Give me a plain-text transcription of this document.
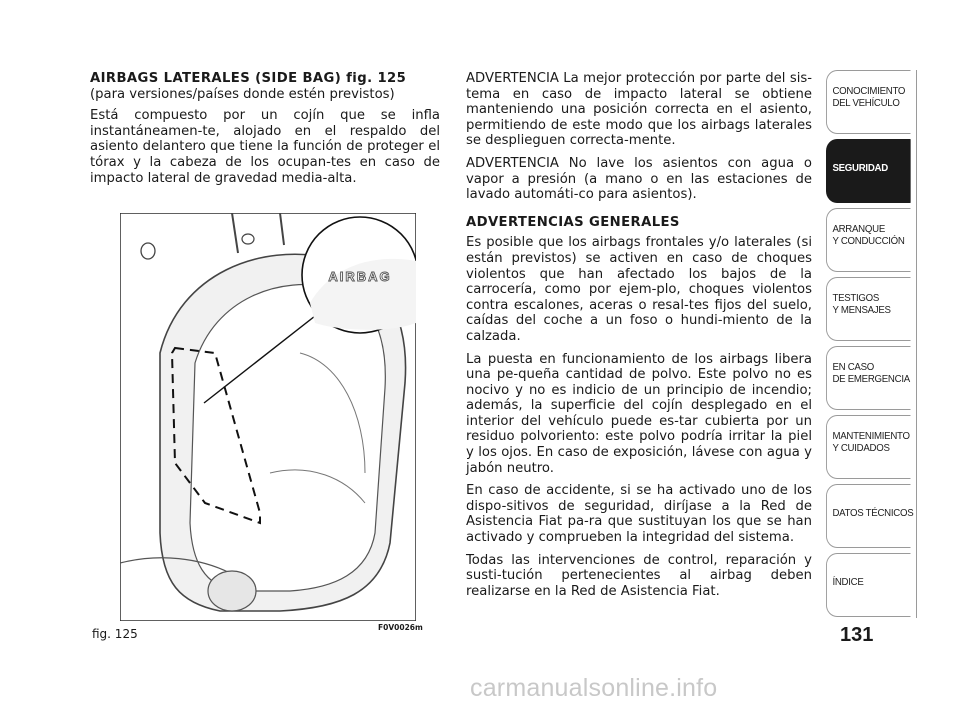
AIRBAGS LATERALES (SIDE BAG) fig. 125

(para versiones/países donde estén previstos)

Está compuesto por un cojín que se infla instantáneamen-te, alojado en el respaldo del asiento delantero que tiene la función de proteger el tórax y la cabeza de los ocupan-tes en caso de impacto lateral de gravedad media-alta.

AIRBAG
fig. 125	F0V0026m

ADVERTENCIA La mejor protección por parte del sis-tema en caso de impacto lateral se obtiene manteniendo una posición correcta en el asiento, permitiendo de este modo que los airbags laterales se desplieguen correcta-mente.

ADVERTENCIA No lave los asientos con agua o vapor a presión (a mano o en las estaciones de lavado automáti-co para asientos).

ADVERTENCIAS GENERALES

Es posible que los airbags frontales y/o laterales (si están previstos) se activen en caso de choques violentos que han afectado los bajos de la carrocería, como por ejem-plo, choques violentos contra escalones, aceras o resal-tes fijos del suelo, caídas del coche a un foso o hundi-miento de la calzada.

La puesta en funcionamiento de los airbags libera una pe-queña cantidad de polvo. Este polvo no es nocivo y no es indicio de un principio de incendio; además, la superficie del cojín desplegado en el interior del vehículo puede es-tar cubierta por un residuo polvoriento: este polvo podría irritar la piel y los ojos. En caso de exposición, lávese con agua y jabón neutro.

En caso de accidente, si se ha activado uno de los dispo-sitivos de seguridad, diríjase a la Red de Asistencia Fiat pa-ra que sustituyan los que se han activado y comprueben la integridad del sistema.

Todas las intervenciones de control, reparación y susti-tución pertenecientes al airbag deben realizarse en la Red de Asistencia Fiat.

CONOCIMIENTO
DEL VEHÍCULO
SEGURIDAD
ARRANQUE
Y CONDUCCIÓN
TESTIGOS
Y MENSAJES
EN CASO
DE EMERGENCIA
MANTENIMIENTO
Y CUIDADOS
DATOS TÉCNICOS
ÍNDICE
131
carmanualsonline.info
